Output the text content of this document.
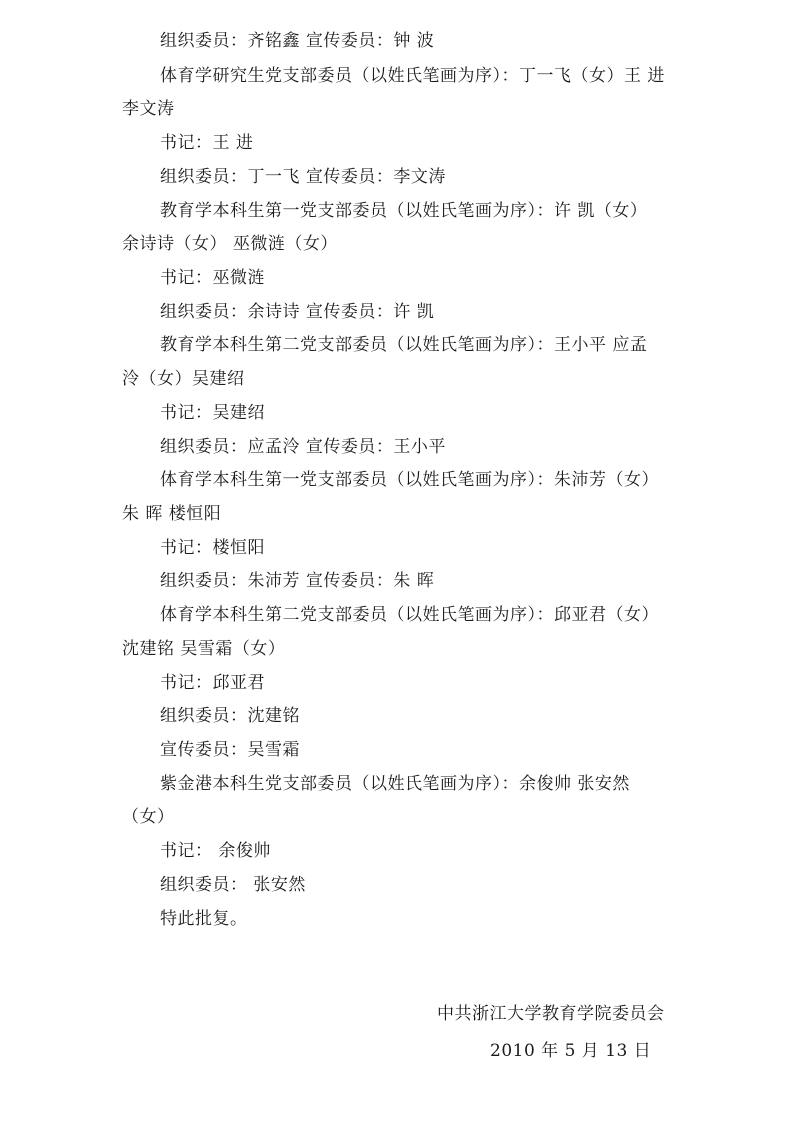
组织委员：齐铭鑫 宣传委员：钟 波
体育学研究生党支部委员（以姓氏笔画为序）：丁一飞（女）王 进
李文涛
书记：王 进
组织委员：丁一飞 宣传委员：李文涛
教育学本科生第一党支部委员（以姓氏笔画为序）：许 凯（女）
余诗诗（女） 巫微涟（女）
书记：巫微涟
组织委员：余诗诗 宣传委员：许 凯
教育学本科生第二党支部委员（以姓氏笔画为序）：王小平 应孟
泠（女）吴建绍
书记：吴建绍
组织委员：应孟泠 宣传委员：王小平
体育学本科生第一党支部委员（以姓氏笔画为序）：朱沛芳（女）
朱 晖 楼恒阳
书记：楼恒阳
组织委员：朱沛芳 宣传委员：朱 晖
体育学本科生第二党支部委员（以姓氏笔画为序）：邱亚君（女）
沈建铭 吴雪霜（女）
书记：邱亚君
组织委员：沈建铭
宣传委员：吴雪霜
紫金港本科生党支部委员（以姓氏笔画为序）：余俊帅 张安然
（女）
书记： 余俊帅
组织委员： 张安然
特此批复。
中共浙江大学教育学院委员会
2010 年 5 月 13 日
